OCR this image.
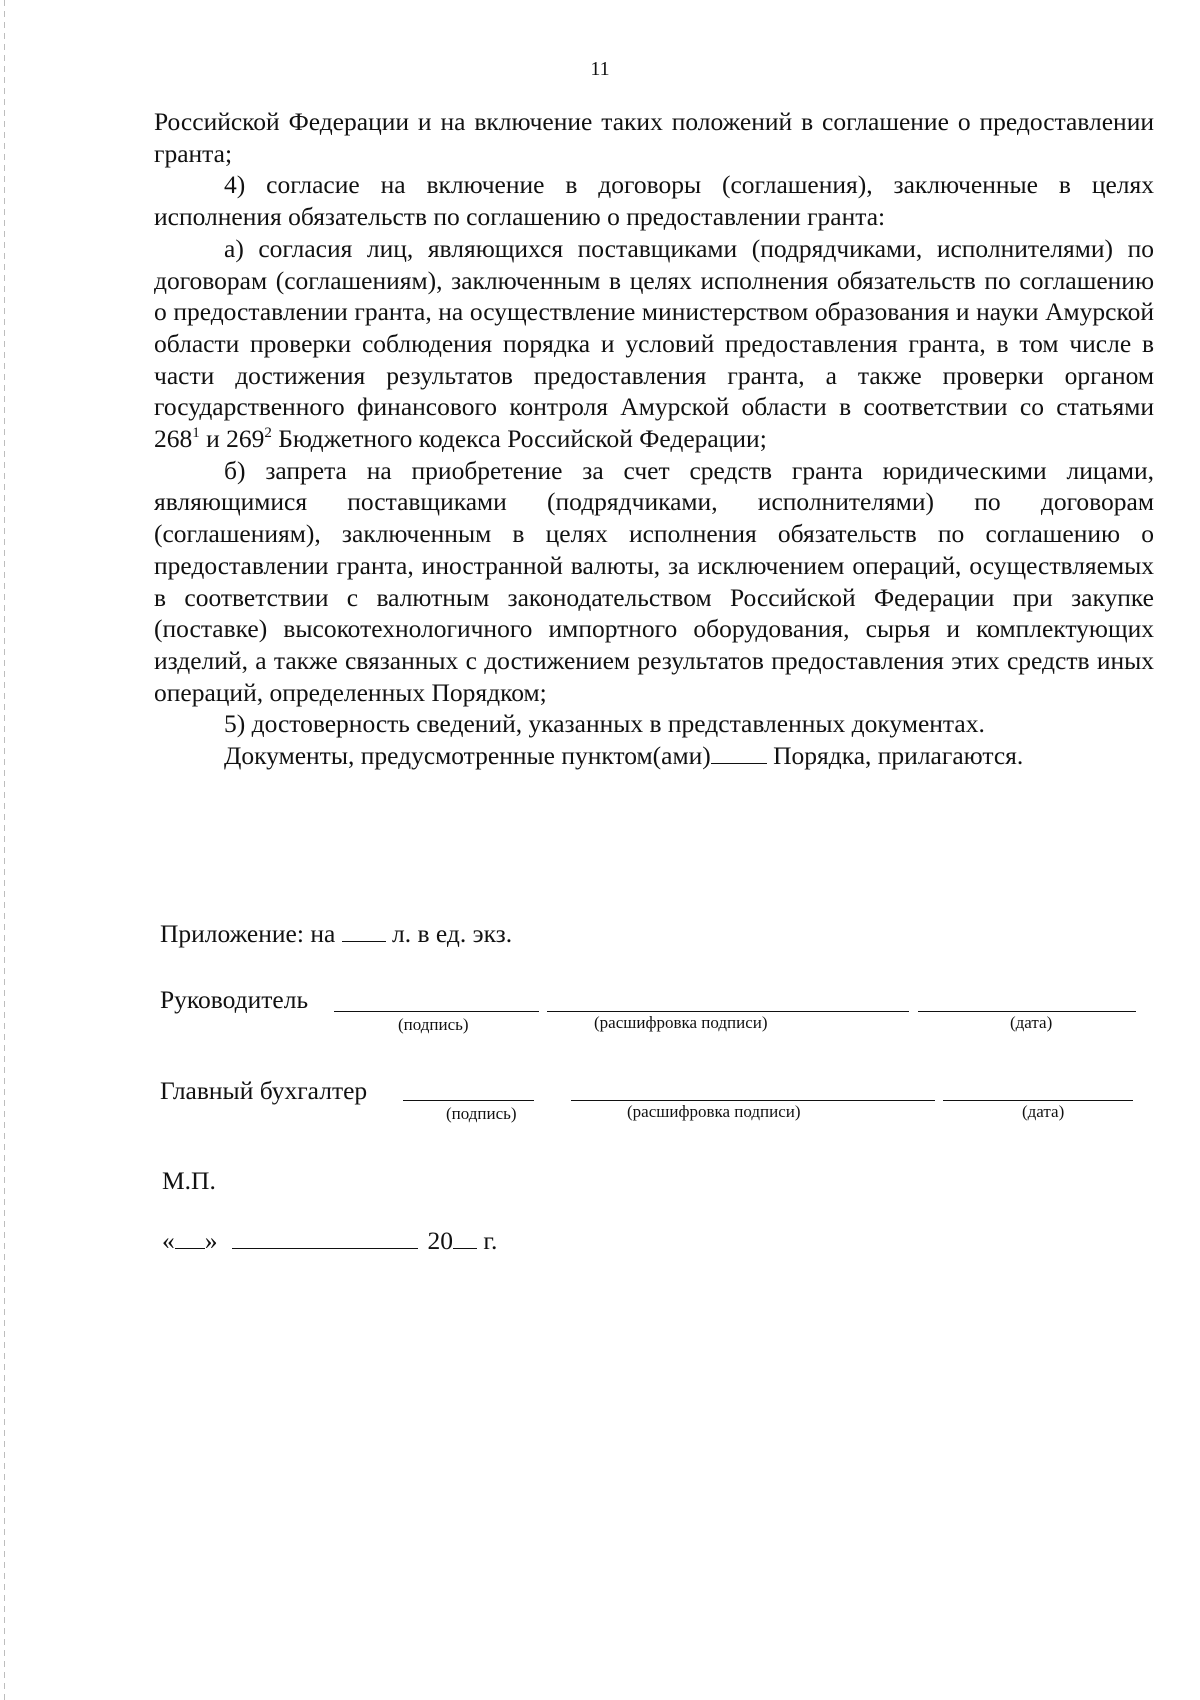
11

Российской Федерации и на включение таких положений в соглашение о предоставлении гранта;

4) согласие на включение в договоры (соглашения), заключенные в целях исполнения обязательств по соглашению о предоставлении гранта:

а) согласия лиц, являющихся поставщиками (подрядчиками, исполнителями) по договорам (соглашениям), заключенным в целях исполнения обязательств по соглашению о предоставлении гранта, на осуществление министерством образования и науки Амурской области проверки соблюдения порядка и условий предоставления гранта, в том числе в части достижения результатов предоставления гранта, а также проверки органом государственного финансового контроля Амурской области в соответствии со статьями $268^1$ и $269^2$ Бюджетного кодекса Российской Федерации;

б) запрета на приобретение за счет средств гранта юридическими лицами, являющимися поставщиками (подрядчиками, исполнителями) по договорам (соглашениям), заключенным в целях исполнения обязательств по соглашению о предоставлении гранта, иностранной валюты, за исключением операций, осуществляемых в соответствии с валютным законодательством Российской Федерации при закупке (поставке) высокотехнологичного импортного оборудования, сырья и комплектующих изделий, а также связанных с достижением результатов предоставления этих средств иных операций, определенных Порядком;

5) достоверность сведений, указанных в представленных документах.

Документы, предусмотренные пунктом(ами) Порядка, прилагаются.

Приложение: на  л. в ед. экз.
Руководитель
(подпись)	(расшифровка подписи)	(дата)
Главный бухгалтер
(подпись)	(расшифровка подписи)	(дата)
М.П.
« »	20 г.
